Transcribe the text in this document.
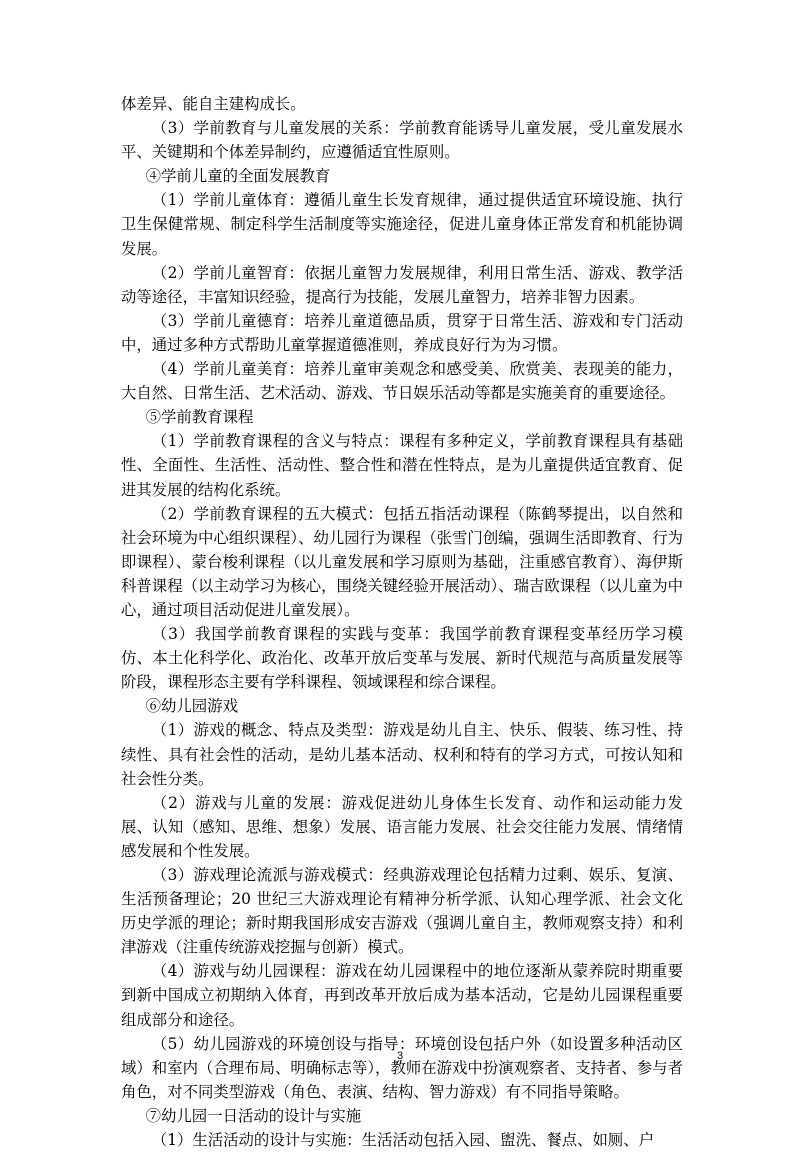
体差异、能自主建构成长。

（3）学前教育与儿童发展的关系：学前教育能诱导儿童发展，受儿童发展水平、关键期和个体差异制约，应遵循适宜性原则。

④学前儿童的全面发展教育

（1）学前儿童体育：遵循儿童生长发育规律，通过提供适宜环境设施、执行卫生保健常规、制定科学生活制度等实施途径，促进儿童身体正常发育和机能协调发展。

（2）学前儿童智育：依据儿童智力发展规律，利用日常生活、游戏、教学活动等途径，丰富知识经验，提高行为技能，发展儿童智力，培养非智力因素。

（3）学前儿童德育：培养儿童道德品质，贯穿于日常生活、游戏和专门活动中，通过多种方式帮助儿童掌握道德准则，养成良好行为为习惯。

（4）学前儿童美育：培养儿童审美观念和感受美、欣赏美、表现美的能力，大自然、日常生活、艺术活动、游戏、节日娱乐活动等都是实施美育的重要途径。

⑤学前教育课程

（1）学前教育课程的含义与特点：课程有多种定义，学前教育课程具有基础性、全面性、生活性、活动性、整合性和潜在性特点，是为儿童提供适宜教育、促进其发展的结构化系统。

（2）学前教育课程的五大模式：包括五指活动课程（陈鹤琴提出，以自然和社会环境为中心组织课程）、幼儿园行为课程（张雪门创编，强调生活即教育、行为即课程）、蒙台梭利课程（以儿童发展和学习原则为基础，注重感官教育）、海伊斯科普课程（以主动学习为核心，围绕关键经验开展活动）、瑞吉欧课程（以儿童为中心，通过项目活动促进儿童发展）。

（3）我国学前教育课程的实践与变革：我国学前教育课程变革经历学习模仿、本土化科学化、政治化、改革开放后变革与发展、新时代规范与高质量发展等阶段，课程形态主要有学科课程、领域课程和综合课程。

⑥幼儿园游戏

（1）游戏的概念、特点及类型：游戏是幼儿自主、快乐、假装、练习性、持续性、具有社会性的活动，是幼儿基本活动、权利和特有的学习方式，可按认知和社会性分类。

（2）游戏与儿童的发展：游戏促进幼儿身体生长发育、动作和运动能力发展、认知（感知、思维、想象）发展、语言能力发展、社会交往能力发展、情绪情感发展和个性发展。

（3）游戏理论流派与游戏模式：经典游戏理论包括精力过剩、娱乐、复演、生活预备理论；20 世纪三大游戏理论有精神分析学派、认知心理学派、社会文化历史学派的理论；新时期我国形成安吉游戏（强调儿童自主，教师观察支持）和利津游戏（注重传统游戏挖掘与创新）模式。

（4）游戏与幼儿园课程：游戏在幼儿园课程中的地位逐渐从蒙养院时期重要到新中国成立初期纳入体育，再到改革开放后成为基本活动，它是幼儿园课程重要组成部分和途径。

（5）幼儿园游戏的环境创设与指导：环境创设包括户外（如设置多种活动区域）和室内（合理布局、明确标志等），教师在游戏中扮演观察者、支持者、参与者角色，对不同类型游戏（角色、表演、结构、智力游戏）有不同指导策略。

⑦幼儿园一日活动的设计与实施

（1）生活活动的设计与实施：生活活动包括入园、盥洗、餐点、如厕、户

3
